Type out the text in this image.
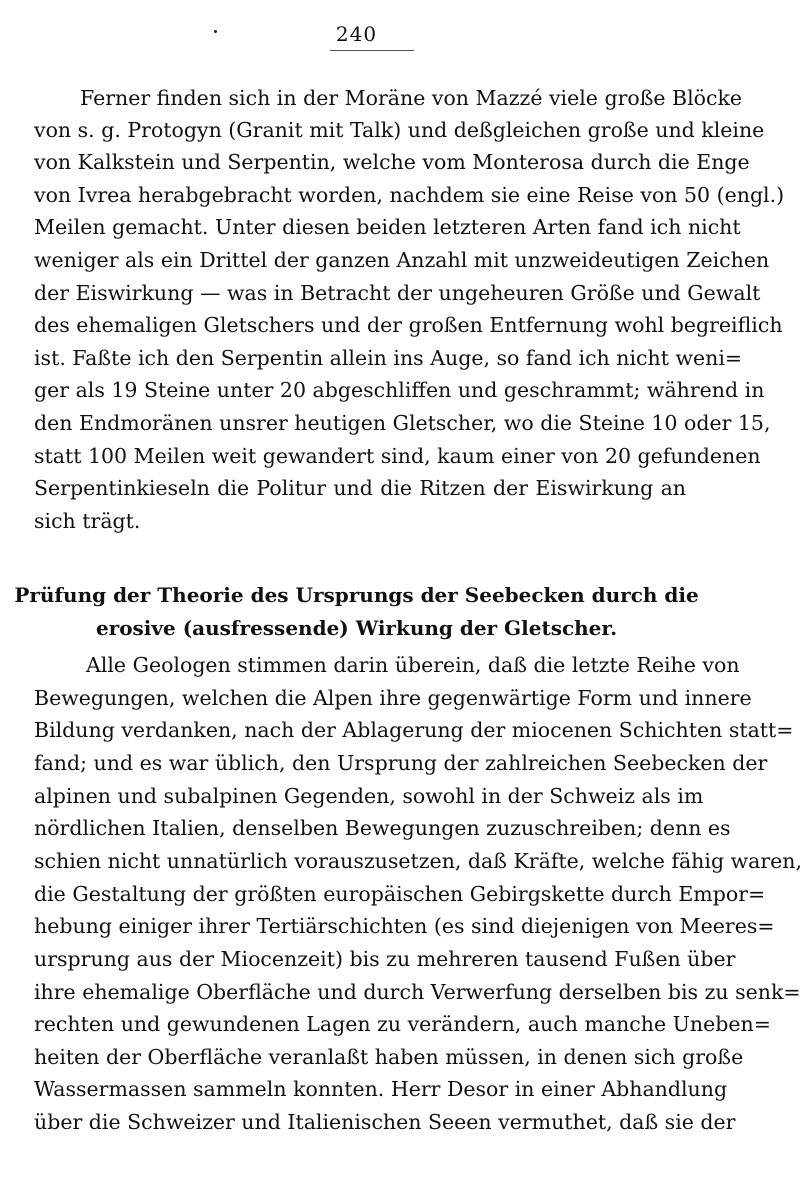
240
Ferner finden sich in der Moräne von Mazzé viele große Blöcke
von s. g. Protogyn (Granit mit Talk) und deßgleichen große und kleine
von Kalkstein und Serpentin, welche vom Monterosa durch die Enge
von Ivrea herabgebracht worden, nachdem sie eine Reise von 50 (engl.)
Meilen gemacht. Unter diesen beiden letzteren Arten fand ich nicht
weniger als ein Drittel der ganzen Anzahl mit unzweideutigen Zeichen
der Eiswirkung — was in Betracht der ungeheuren Größe und Gewalt
des ehemaligen Gletschers und der großen Entfernung wohl begreiflich
ist. Faßte ich den Serpentin allein ins Auge, so fand ich nicht weni=
ger als 19 Steine unter 20 abgeschliffen und geschrammt; während in
den Endmoränen unsrer heutigen Gletscher, wo die Steine 10 oder 15,
statt 100 Meilen weit gewandert sind, kaum einer von 20 gefundenen
Serpentinkieseln die Politur und die Ritzen der Eiswirkung an
sich trägt.
Prüfung der Theorie des Ursprungs der Seebecken durch die
erosive (ausfressende) Wirkung der Gletscher.
Alle Geologen stimmen darin überein, daß die letzte Reihe von
Bewegungen, welchen die Alpen ihre gegenwärtige Form und innere
Bildung verdanken, nach der Ablagerung der miocenen Schichten statt=
fand; und es war üblich, den Ursprung der zahlreichen Seebecken der
alpinen und subalpinen Gegenden, sowohl in der Schweiz als im
nördlichen Italien, denselben Bewegungen zuzuschreiben; denn es
schien nicht unnatürlich vorauszusetzen, daß Kräfte, welche fähig waren,
die Gestaltung der größten europäischen Gebirgskette durch Empor=
hebung einiger ihrer Tertiärschichten (es sind diejenigen von Meeres=
ursprung aus der Miocenzeit) bis zu mehreren tausend Fußen über
ihre ehemalige Oberfläche und durch Verwerfung derselben bis zu senk=
rechten und gewundenen Lagen zu verändern, auch manche Uneben=
heiten der Oberfläche veranlaßt haben müssen, in denen sich große
Wassermassen sammeln konnten. Herr Desor in einer Abhandlung
über die Schweizer und Italienischen Seeen vermuthet, daß sie der
